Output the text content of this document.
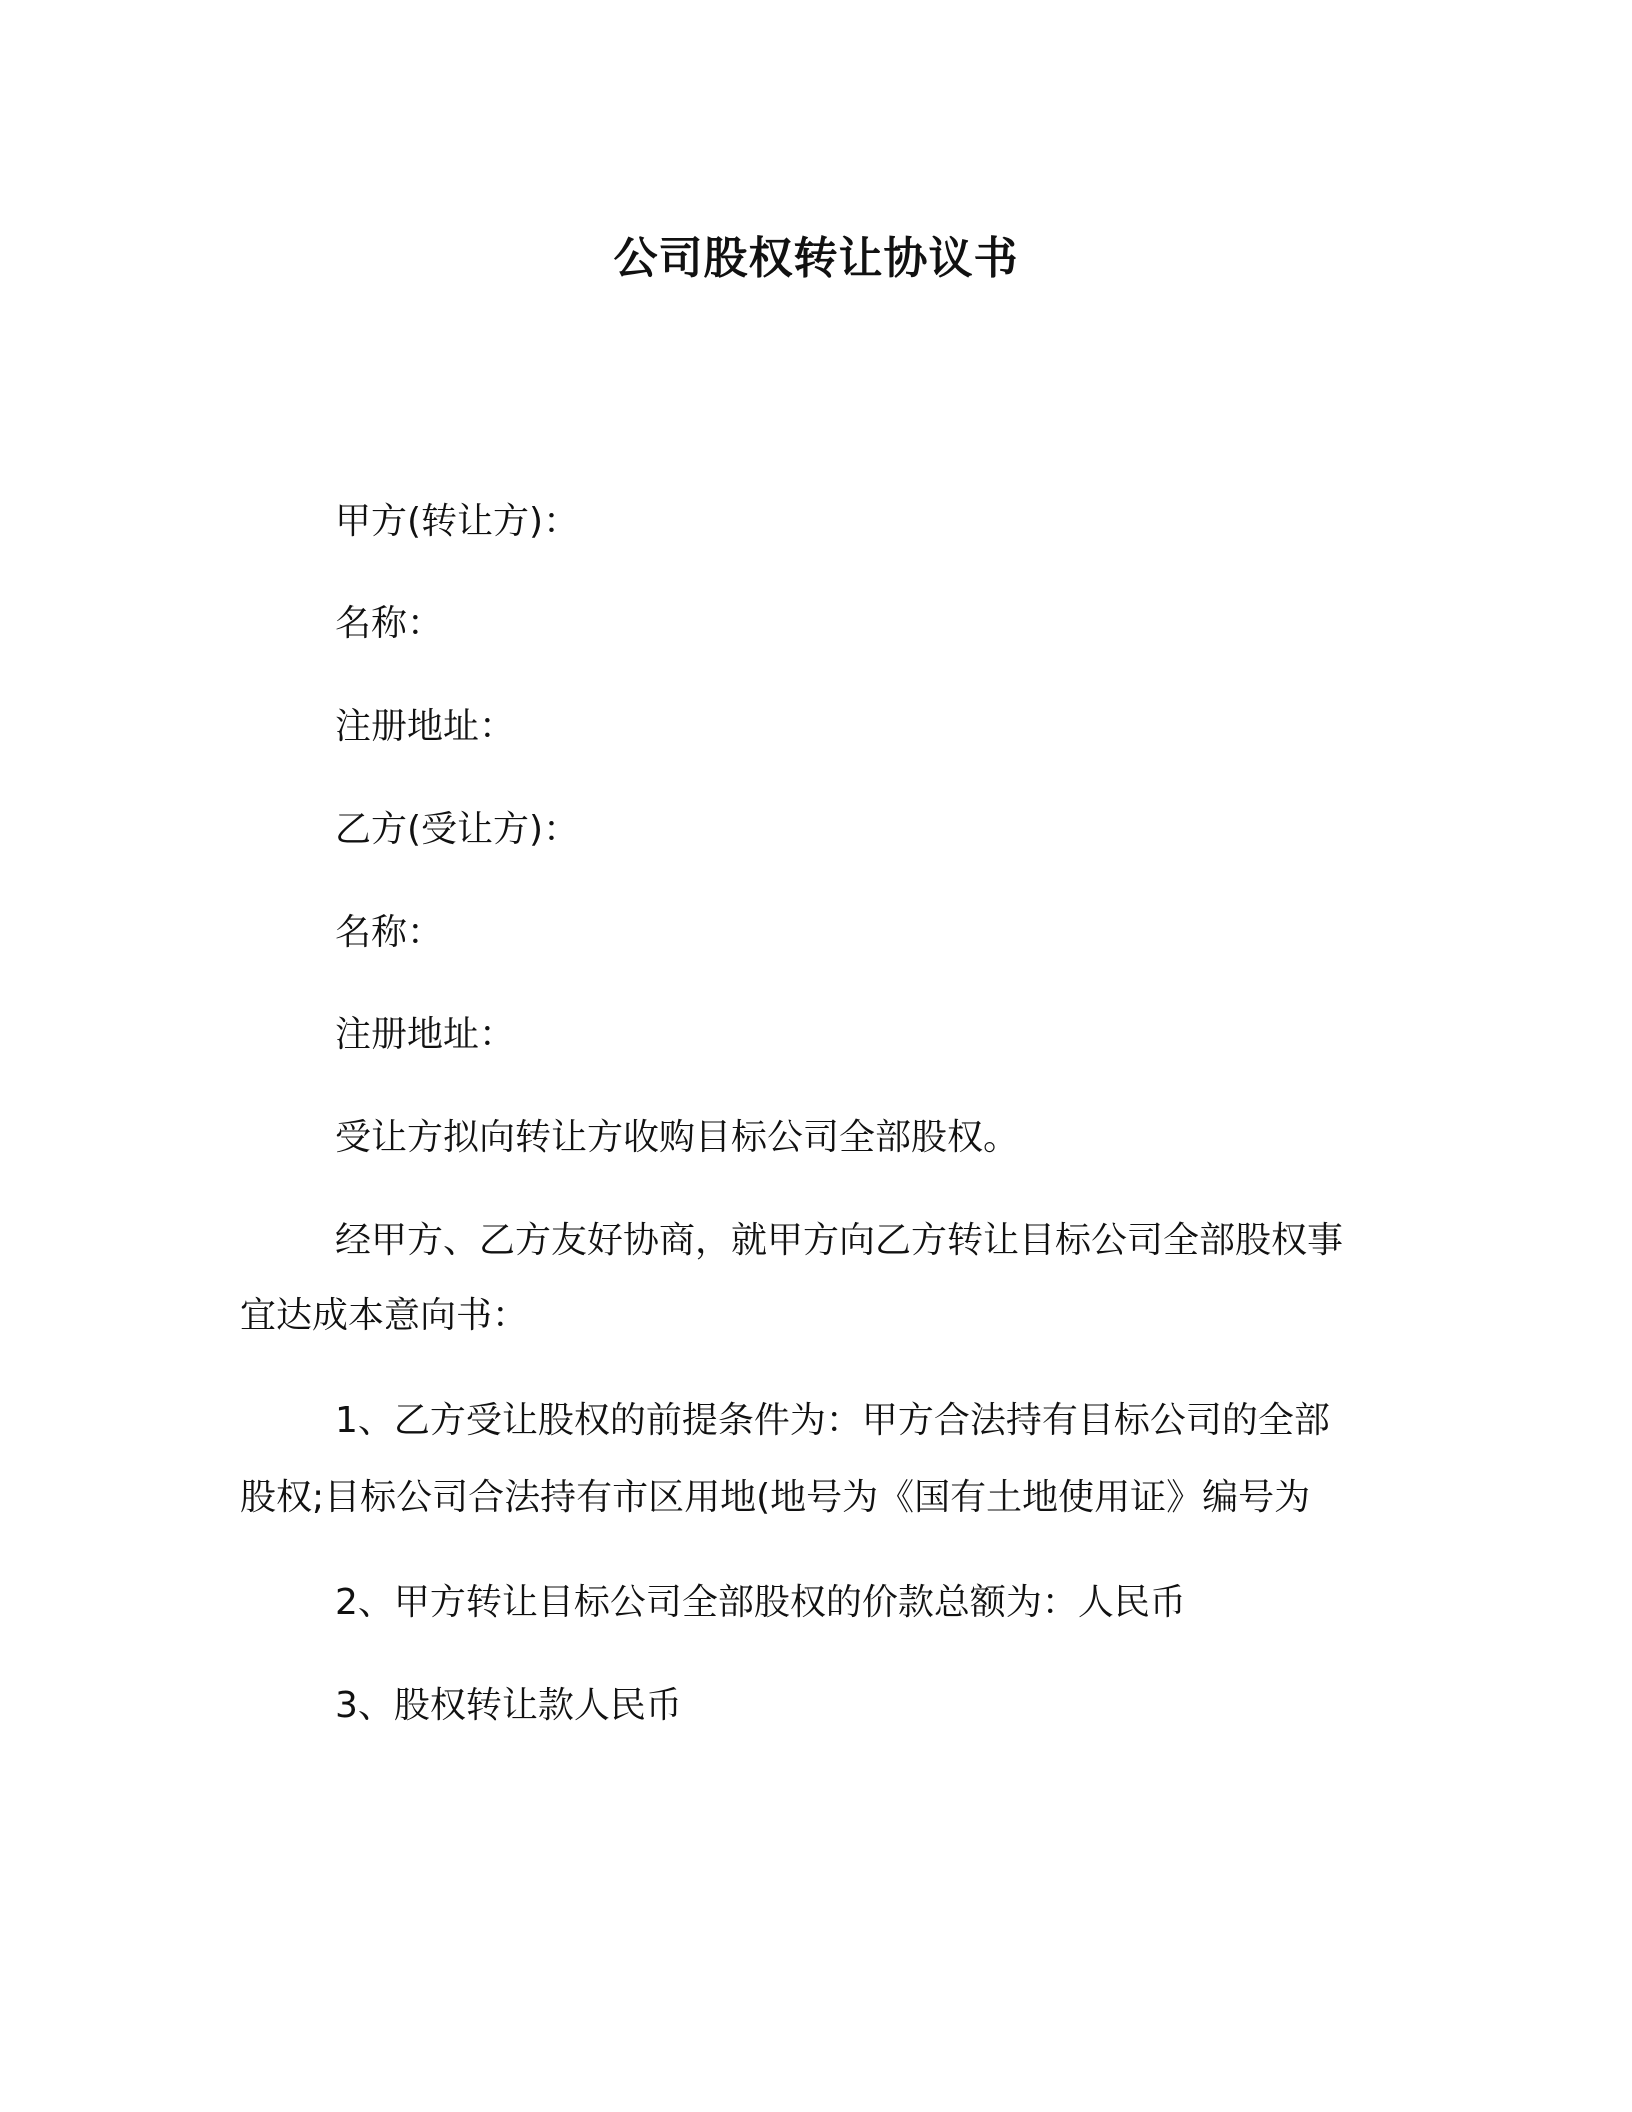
公司股权转让协议书
甲方(转让方)：
名称：
注册地址：
乙方(受让方)：
名称：
注册地址：
受让方拟向转让方收购目标公司全部股权。
经甲方、乙方友好协商，就甲方向乙方转让目标公司全部股权事
宜达成本意向书：
1、乙方受让股权的前提条件为：甲方合法持有目标公司的全部
股权;目标公司合法持有市区用地(地号为《国有土地使用证》编号为
2、甲方转让目标公司全部股权的价款总额为：人民币
3、股权转让款人民币
